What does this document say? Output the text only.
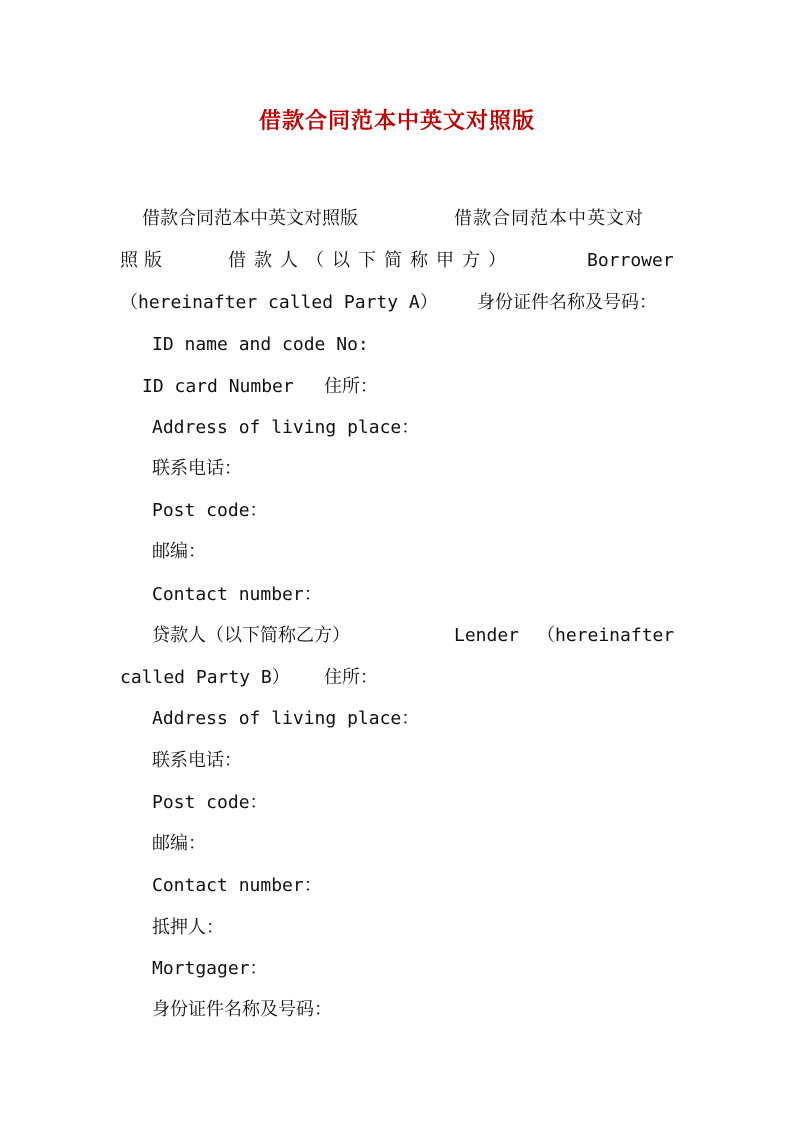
借款合同范本中英文对照版
借款合同范本中英文对照版	借款合同范本中英文对
照版	借款人（以下简称甲方）	Borrower
（hereinafter called Party A） 身份证件名称及号码：
ID name and code No:
ID card Number 住所：
Address of living place：
联系电话：
Post code：
邮编：
Contact number：
贷款人（以下简称乙方）	Lender （hereinafter
called Party B） 住所：
Address of living place：
联系电话：
Post code：
邮编：
Contact number：
抵押人：
Mortgager：
身份证件名称及号码：
